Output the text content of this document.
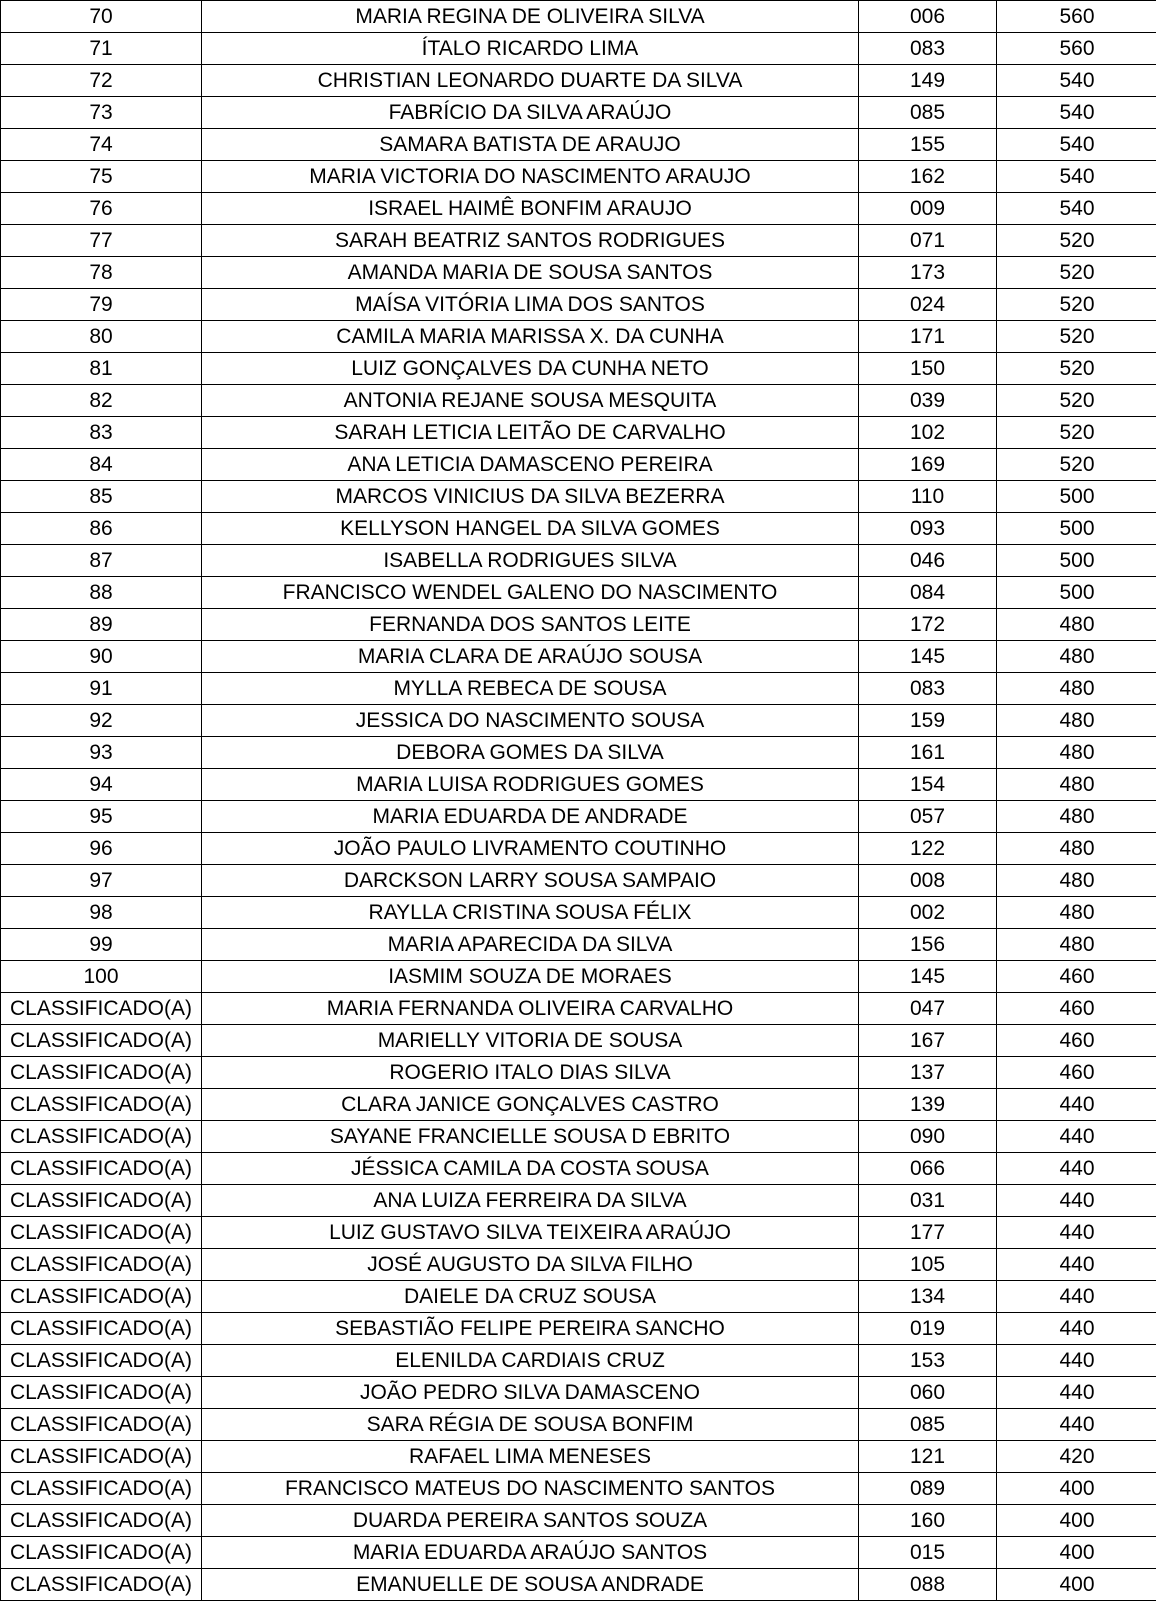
70	MARIA REGINA DE OLIVEIRA SILVA	006	560
71	ÍTALO RICARDO LIMA	083	560
72	CHRISTIAN LEONARDO DUARTE DA SILVA	149	540
73	FABRÍCIO DA SILVA ARAÚJO	085	540
74	SAMARA BATISTA DE ARAUJO	155	540
75	MARIA VICTORIA DO NASCIMENTO ARAUJO	162	540
76	ISRAEL HAIMÊ BONFIM ARAUJO	009	540
77	SARAH BEATRIZ SANTOS RODRIGUES	071	520
78	AMANDA MARIA DE SOUSA SANTOS	173	520
79	MAÍSA VITÓRIA LIMA DOS SANTOS	024	520
80	CAMILA MARIA MARISSA X. DA CUNHA	171	520
81	LUIZ GONÇALVES DA CUNHA NETO	150	520
82	ANTONIA REJANE SOUSA MESQUITA	039	520
83	SARAH LETICIA LEITÃO DE CARVALHO	102	520
84	ANA LETICIA DAMASCENO PEREIRA	169	520
85	MARCOS VINICIUS DA SILVA BEZERRA	110	500
86	KELLYSON HANGEL DA SILVA GOMES	093	500
87	ISABELLA RODRIGUES SILVA	046	500
88	FRANCISCO WENDEL GALENO DO NASCIMENTO	084	500
89	FERNANDA DOS SANTOS LEITE	172	480
90	MARIA CLARA DE ARAÚJO SOUSA	145	480
91	MYLLA REBECA DE SOUSA	083	480
92	JESSICA DO NASCIMENTO SOUSA	159	480
93	DEBORA GOMES DA SILVA	161	480
94	MARIA LUISA RODRIGUES GOMES	154	480
95	MARIA EDUARDA DE ANDRADE	057	480
96	JOÃO PAULO LIVRAMENTO COUTINHO	122	480
97	DARCKSON LARRY SOUSA SAMPAIO	008	480
98	RAYLLA CRISTINA SOUSA FÉLIX	002	480
99	MARIA APARECIDA DA SILVA	156	480
100	IASMIM SOUZA DE MORAES	145	460
CLASSIFICADO(A)	MARIA FERNANDA OLIVEIRA CARVALHO	047	460
CLASSIFICADO(A)	MARIELLY VITORIA DE SOUSA	167	460
CLASSIFICADO(A)	ROGERIO ITALO DIAS SILVA	137	460
CLASSIFICADO(A)	CLARA JANICE GONÇALVES CASTRO	139	440
CLASSIFICADO(A)	SAYANE FRANCIELLE SOUSA D EBRITO	090	440
CLASSIFICADO(A)	JÉSSICA CAMILA DA COSTA SOUSA	066	440
CLASSIFICADO(A)	ANA LUIZA FERREIRA DA SILVA	031	440
CLASSIFICADO(A)	LUIZ GUSTAVO SILVA TEIXEIRA ARAÚJO	177	440
CLASSIFICADO(A)	JOSÉ AUGUSTO DA SILVA FILHO	105	440
CLASSIFICADO(A)	DAIELE DA CRUZ SOUSA	134	440
CLASSIFICADO(A)	SEBASTIÃO FELIPE PEREIRA SANCHO	019	440
CLASSIFICADO(A)	ELENILDA CARDIAIS CRUZ	153	440
CLASSIFICADO(A)	JOÃO PEDRO SILVA DAMASCENO	060	440
CLASSIFICADO(A)	SARA RÉGIA DE SOUSA BONFIM	085	440
CLASSIFICADO(A)	RAFAEL LIMA MENESES	121	420
CLASSIFICADO(A)	FRANCISCO MATEUS DO NASCIMENTO SANTOS	089	400
CLASSIFICADO(A)	DUARDA PEREIRA SANTOS SOUZA	160	400
CLASSIFICADO(A)	MARIA EDUARDA ARAÚJO SANTOS	015	400
CLASSIFICADO(A)	EMANUELLE DE SOUSA ANDRADE	088	400
